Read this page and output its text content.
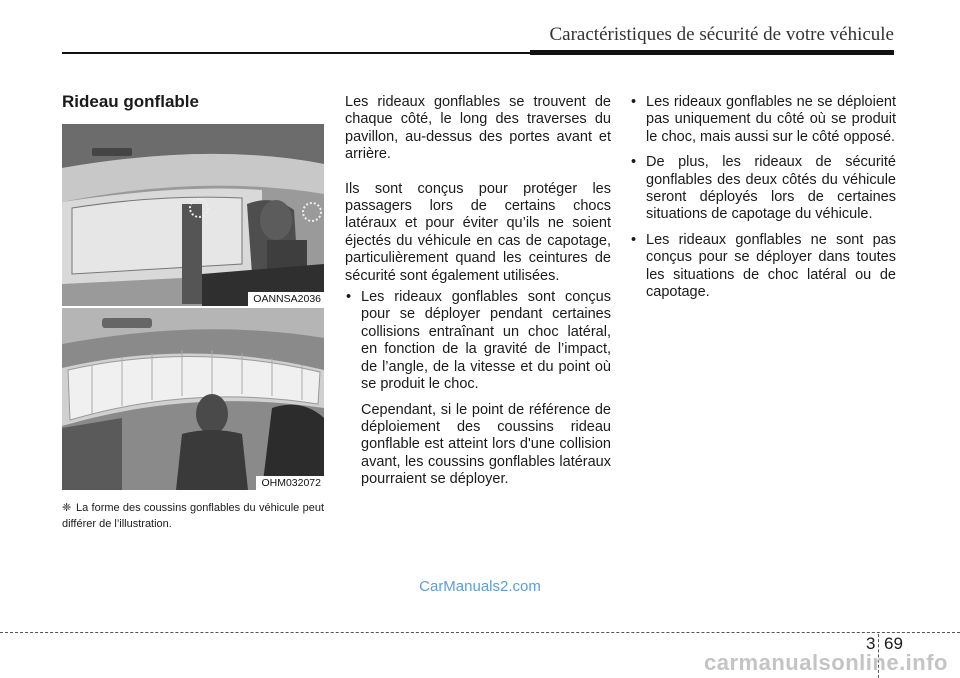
Caractéristiques de sécurité de votre véhicule
Rideau gonflable
OANNSA2036
OHM032072
❈ La forme des coussins gonflables du véhicule peut différer de l’illustration.

Les rideaux gonflables se trouvent de chaque côté, le long des traverses du pavillon, au-dessus des portes avant et arrière.

Ils sont conçus pour protéger les passagers lors de certains chocs latéraux et pour éviter qu’ils ne soient éjectés du véhicule en cas de capotage, particulièrement quand les ceintures de sécurité sont également utilisées.

• Les rideaux gonflables sont conçus pour se déployer pendant certaines collisions entraînant un choc latéral, en fonction de la gravité de l’impact, de l’angle, de la vitesse et du point où se produit le choc.
Cependant, si le point de référence de déploiement des coussins rideau gonflable est atteint lors d'une collision avant, les coussins gonflables latéraux pourraient se déployer.
• Les rideaux gonflables ne se déploient pas uniquement du côté où se produit le choc, mais aussi sur le côté opposé.
• De plus, les rideaux de sécurité gonflables des deux côtés du véhicule seront déployés lors de certaines situations de capotage du véhicule.
• Les rideaux gonflables ne sont pas conçus pour se déployer dans toutes les situations de choc latéral ou de capotage.
CarManuals2.com
3 69
carmanualsonline.info
